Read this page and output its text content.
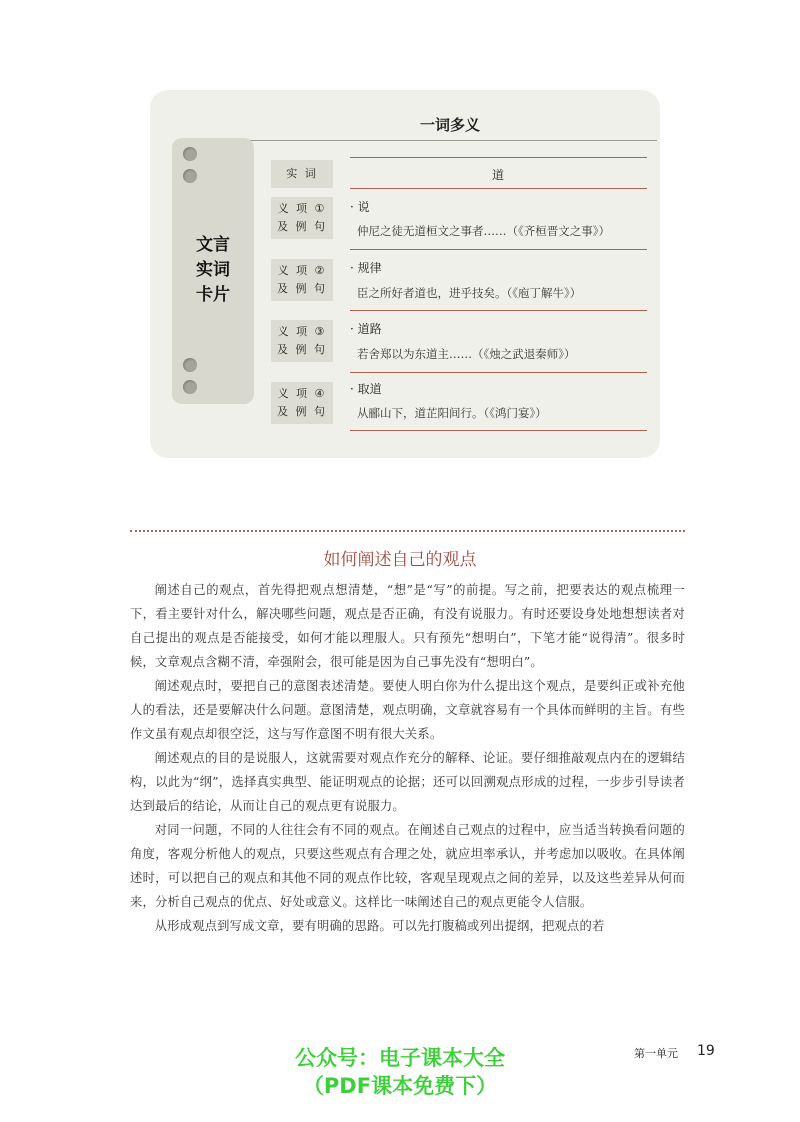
一词多义
文言
实词
卡片
实 词	道
义 项 ①
及 例 句
· 说
仲尼之徒无道桓文之事者……（《齐桓晋文之事》）
义 项 ②
及 例 句
· 规律
臣之所好者道也，进乎技矣。（《庖丁解牛》）
义 项 ③
及 例 句
· 道路
若舍郑以为东道主……（《烛之武退秦师》）
义 项 ④
及 例 句
· 取道
从郦山下，道芷阳间行。（《鸿门宴》）
如何阐述自己的观点

阐述自己的观点，首先得把观点想清楚，“想”是“写”的前提。写之前，把要表达的观点梳理一下，看主要针对什么，解决哪些问题，观点是否正确，有没有说服力。有时还要设身处地想想读者对自己提出的观点是否能接受，如何才能以理服人。只有预先“想明白”，下笔才能“说得清”。很多时候，文章观点含糊不清，牵强附会，很可能是因为自己事先没有“想明白”。

阐述观点时，要把自己的意图表述清楚。要使人明白你为什么提出这个观点，是要纠正或补充他人的看法，还是要解决什么问题。意图清楚，观点明确，文章就容易有一个具体而鲜明的主旨。有些作文虽有观点却很空泛，这与写作意图不明有很大关系。

阐述观点的目的是说服人，这就需要对观点作充分的解释、论证。要仔细推敲观点内在的逻辑结构，以此为“纲”，选择真实典型、能证明观点的论据；还可以回溯观点形成的过程，一步步引导读者达到最后的结论，从而让自己的观点更有说服力。

对同一问题，不同的人往往会有不同的观点。在阐述自己观点的过程中，应当适当转换看问题的角度，客观分析他人的观点，只要这些观点有合理之处，就应坦率承认，并考虑加以吸收。在具体阐述时，可以把自己的观点和其他不同的观点作比较，客观呈现观点之间的差异，以及这些差异从何而来，分析自己观点的优点、好处或意义。这样比一味阐述自己的观点更能令人信服。

从形成观点到写成文章，要有明确的思路。可以先打腹稿或列出提纲，把观点的若

第一单元 19
公众号：电子课本大全
（PDF课本免费下）
